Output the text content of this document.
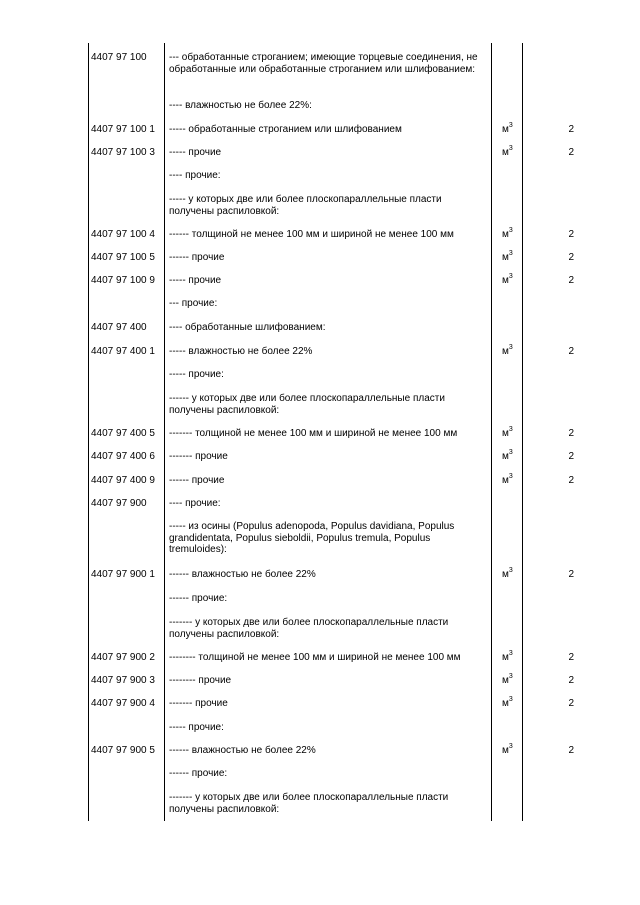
4407 97 100 --- обработанные строганием; имеющие торцевые соединения, не обработанные или обработанные строганием или шлифованием:
---- влажностью не более 22%:
4407 97 100 1 ----- обработанные строганием или шлифованием	$м^3$	2
4407 97 100 3 ----- прочие	$м^3$	2
---- прочие:
----- у которых две или более плоскопараллельные пласти получены распиловкой:
4407 97 100 4 ------ толщиной не менее 100 мм и шириной не менее 100 мм	$м^3$	2
4407 97 100 5 ------ прочие	$м^3$	2
4407 97 100 9 ----- прочие	$м^3$	2
--- прочие:
4407 97 400 ---- обработанные шлифованием:
4407 97 400 1 ----- влажностью не более 22%	$м^3$	2
----- прочие:
------ у которых две или более плоскопараллельные пласти получены распиловкой:
4407 97 400 5 ------- толщиной не менее 100 мм и шириной не менее 100 мм	$м^3$	2
4407 97 400 6 ------- прочие	$м^3$	2
4407 97 400 9 ------ прочие	$м^3$	2
4407 97 900 ---- прочие:
----- из осины (Populus adenopoda, Populus davidiana, Populus grandidentata, Populus sieboldii, Populus tremula, Populus tremuloides):
4407 97 900 1 ------ влажностью не более 22%	$м^3$	2
------ прочие:
------- у которых две или более плоскопараллельные пласти получены распиловкой:
4407 97 900 2 -------- толщиной не менее 100 мм и шириной не менее 100 мм	$м^3$	2
4407 97 900 3 -------- прочие	$м^3$	2
4407 97 900 4 ------- прочие	$м^3$	2
----- прочие:
4407 97 900 5 ------ влажностью не более 22%	$м^3$	2
------ прочие:
------- у которых две или более плоскопараллельные пласти получены распиловкой:
